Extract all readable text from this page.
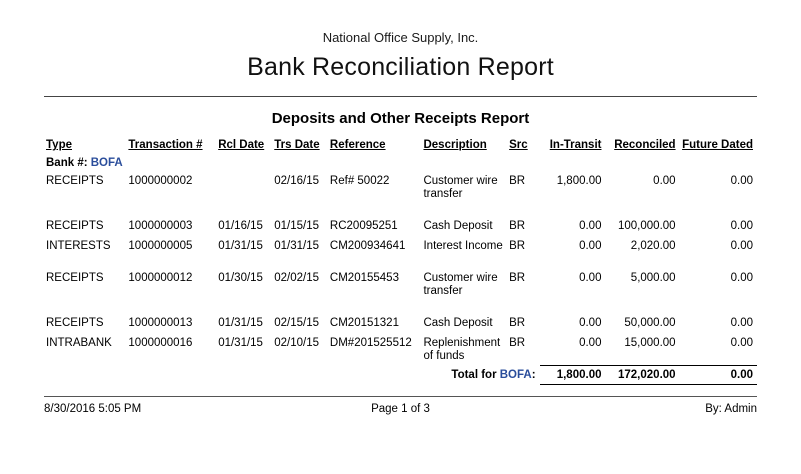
National Office Supply, Inc.
Bank Reconciliation Report
Deposits and Other Receipts Report
Type	Transaction #	Rcl Date	Trs Date	Reference	Description	Src	In-Transit	Reconciled	Future Dated
Bank #: BOFA									
RECEIPTS	1000000002		02/16/15	Ref# 50022	Customer wire transfer	BR	1,800.00	0.00	0.00

RECEIPTS	1000000003	01/16/15	01/15/15	RC20095251	Cash Deposit	BR	0.00	100,000.00	0.00
INTERESTS	1000000005	01/31/15	01/31/15	CM200934641	Interest Income	BR	0.00	2,020.00	0.00

RECEIPTS	1000000012	01/30/15	02/02/15	CM20155453	Customer wire transfer	BR	0.00	5,000.00	0.00

RECEIPTS	1000000013	01/31/15	02/15/15	CM20151321	Cash Deposit	BR	0.00	50,000.00	0.00
INTRABANK	1000000016	01/31/15	02/10/15	DM#201525512	Replenishment of funds	BR	0.00	15,000.00	0.00
					Total for BOFA:		1,800.00	172,020.00	0.00
8/30/2016 5:05 PM	Page 1 of 3	By: Admin
